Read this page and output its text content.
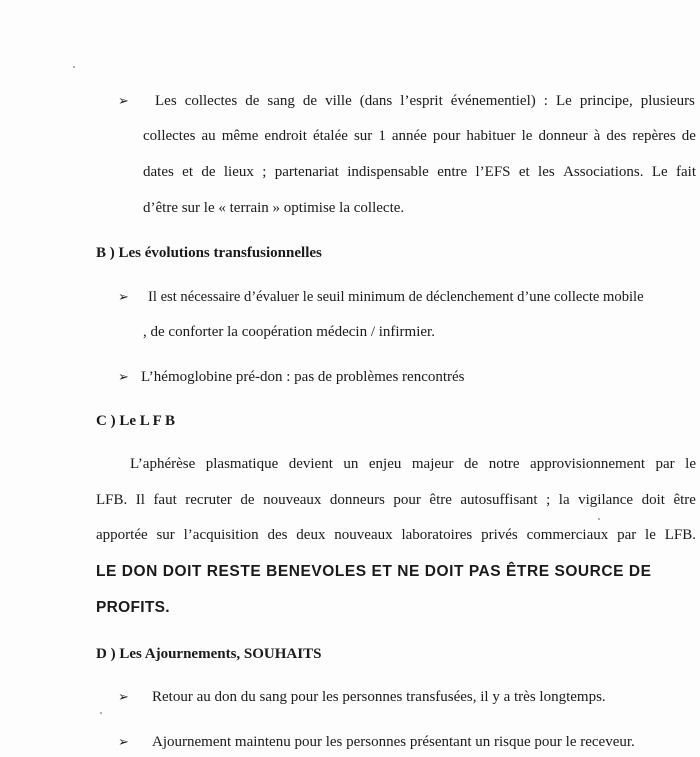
➢ Les collectes de sang de ville (dans l’esprit événementiel) : Le principe, plusieurs
collectes au même endroit étalée sur 1 année pour habituer le donneur à des repères de
dates et de lieux ; partenariat indispensable entre l’EFS et les Associations. Le fait
d’être sur le « terrain » optimise la collecte.
B ) Les évolutions transfusionnelles
➢ Il est nécessaire d’évaluer le seuil minimum de déclenchement d’une collecte mobile
, de conforter la coopération médecin / infirmier.
➢ L’hémoglobine pré-don : pas de problèmes rencontrés
C ) Le L F B
L’aphérèse plasmatique devient un enjeu majeur de notre approvisionnement par le
LFB. Il faut recruter de nouveaux donneurs pour être autosuffisant ; la vigilance doit être
apportée sur l’acquisition des deux nouveaux laboratoires privés commerciaux par le LFB.
LE DON DOIT RESTE BENEVOLES ET NE DOIT PAS ÊTRE SOURCE DE
PROFITS.
D ) Les Ajournements, SOUHAITS
➢ Retour au don du sang pour les personnes transfusées, il y a très longtemps.
➢ Ajournement maintenu pour les personnes présentant un risque pour le receveur.
